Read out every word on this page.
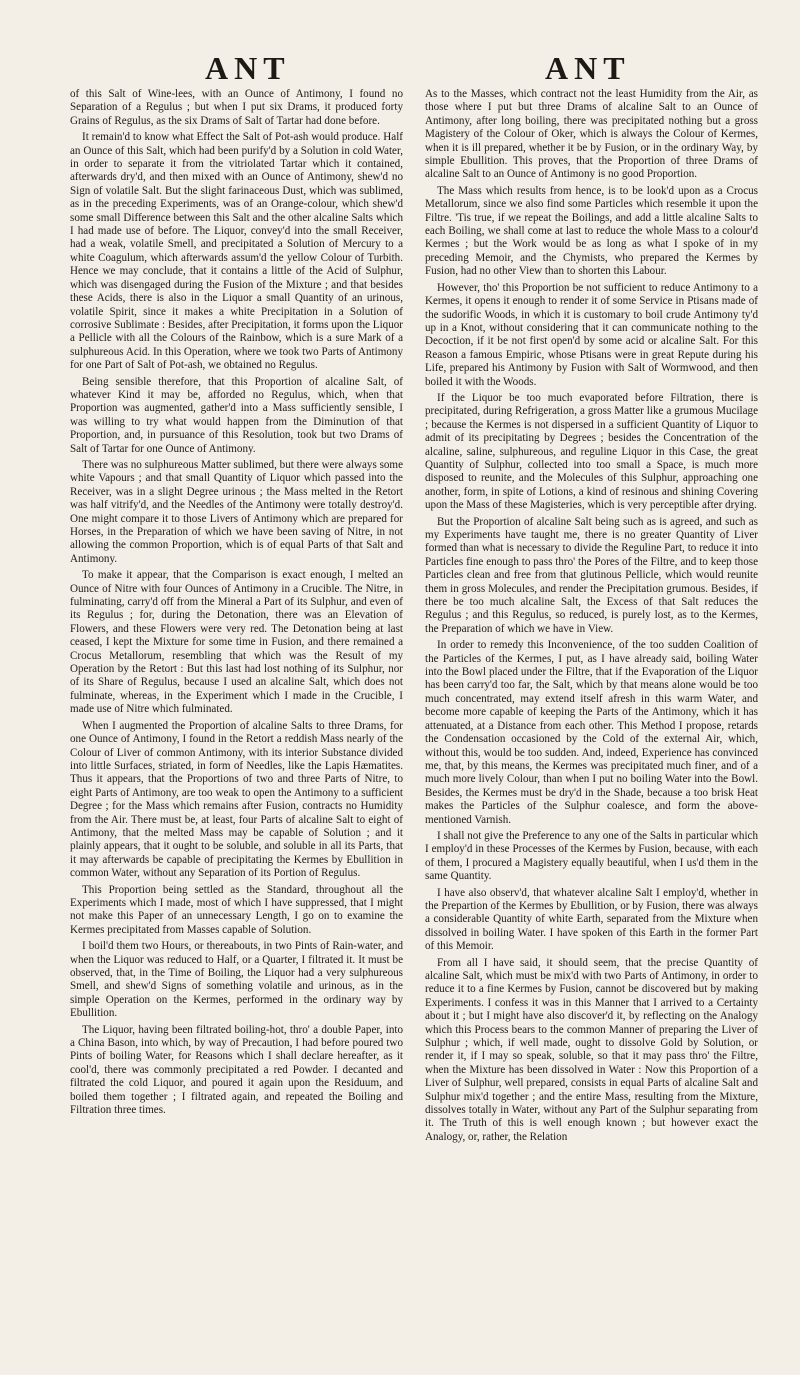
ANT	ANT

of this Salt of Wine-lees, with an Ounce of Antimony, I found no Separation of a Regulus ; but when I put six Drams, it produced forty Grains of Regulus, as the six Drams of Salt of Tartar had done before.

It remain'd to know what Effect the Salt of Pot-ash would produce. Half an Ounce of this Salt, which had been purify'd by a Solution in cold Water, in order to separate it from the vitriolated Tartar which it contained, afterwards dry'd, and then mixed with an Ounce of Antimony, shew'd no Sign of volatile Salt. But the slight farinaceous Dust, which was sublimed, as in the preceding Experiments, was of an Orange-colour, which shew'd some small Difference between this Salt and the other alcaline Salts which I had made use of before. The Liquor, convey'd into the small Receiver, had a weak, volatile Smell, and precipitated a Solution of Mercury to a white Coagulum, which afterwards assum'd the yellow Colour of Turbith. Hence we may conclude, that it contains a little of the Acid of Sulphur, which was disengaged during the Fusion of the Mixture ; and that besides these Acids, there is also in the Liquor a small Quantity of an urinous, volatile Spirit, since it makes a white Precipitation in a Solution of corrosive Sublimate : Besides, after Precipitation, it forms upon the Liquor a Pellicle with all the Colours of the Rainbow, which is a sure Mark of a sulphureous Acid. In this Operation, where we took two Parts of Antimony for one Part of Salt of Pot-ash, we obtained no Regulus.

Being sensible therefore, that this Proportion of alcaline Salt, of whatever Kind it may be, afforded no Regulus, which, when that Proportion was augmented, gather'd into a Mass sufficiently sensible, I was willing to try what would happen from the Diminution of that Proportion, and, in pursuance of this Resolution, took but two Drams of Salt of Tartar for one Ounce of Antimony.

There was no sulphureous Matter sublimed, but there were always some white Vapours ; and that small Quantity of Liquor which passed into the Receiver, was in a slight Degree urinous ; the Mass melted in the Retort was half vitrify'd, and the Needles of the Antimony were totally destroy'd. One might compare it to those Livers of Antimony which are prepared for Horses, in the Preparation of which we have been saving of Nitre, in not allowing the common Proportion, which is of equal Parts of that Salt and Antimony.

To make it appear, that the Comparison is exact enough, I melted an Ounce of Nitre with four Ounces of Antimony in a Crucible. The Nitre, in fulminating, carry'd off from the Mineral a Part of its Sulphur, and even of its Regulus ; for, during the Detonation, there was an Elevation of Flowers, and these Flowers were very red. The Detonation being at last ceased, I kept the Mixture for some time in Fusion, and there remained a Crocus Metallorum, resembling that which was the Result of my Operation by the Retort : But this last had lost nothing of its Sulphur, nor of its Share of Regulus, because I used an alcaline Salt, which does not fulminate, whereas, in the Experiment which I made in the Crucible, I made use of Nitre which fulminated.

When I augmented the Proportion of alcaline Salts to three Drams, for one Ounce of Antimony, I found in the Retort a reddish Mass nearly of the Colour of Liver of common Antimony, with its interior Substance divided into little Surfaces, striated, in form of Needles, like the Lapis Hæmatites. Thus it appears, that the Proportions of two and three Parts of Nitre, to eight Parts of Antimony, are too weak to open the Antimony to a sufficient Degree ; for the Mass which remains after Fusion, contracts no Humidity from the Air. There must be, at least, four Parts of alcaline Salt to eight of Antimony, that the melted Mass may be capable of Solution ; and it plainly appears, that it ought to be soluble, and soluble in all its Parts, that it may afterwards be capable of precipitating the Kermes by Ebullition in common Water, without any Separation of its Portion of Regulus.

This Proportion being settled as the Standard, throughout all the Experiments which I made, most of which I have suppressed, that I might not make this Paper of an unnecessary Length, I go on to examine the Kermes precipitated from Masses capable of Solution.

I boil'd them two Hours, or thereabouts, in two Pints of Rain-water, and when the Liquor was reduced to Half, or a Quarter, I filtrated it. It must be observed, that, in the Time of Boiling, the Liquor had a very sulphureous Smell, and shew'd Signs of something volatile and urinous, as in the simple Operation on the Kermes, performed in the ordinary way by Ebullition.

The Liquor, having been filtrated boiling-hot, thro' a double Paper, into a China Bason, into which, by way of Precaution, I had before poured two Pints of boiling Water, for Reasons which I shall declare hereafter, as it cool'd, there was commonly precipitated a red Powder. I decanted and filtrated the cold Liquor, and poured it again upon the Residuum, and boiled them together ; I filtrated again, and repeated the Boiling and Filtration three times.

As to the Masses, which contract not the least Humidity from the Air, as those where I put but three Drams of alcaline Salt to an Ounce of Antimony, after long boiling, there was precipitated nothing but a gross Magistery of the Colour of Oker, which is always the Colour of Kermes, when it is ill prepared, whether it be by Fusion, or in the ordinary Way, by simple Ebullition. This proves, that the Proportion of three Drams of alcaline Salt to an Ounce of Antimony is no good Proportion.

The Mass which results from hence, is to be look'd upon as a Crocus Metallorum, since we also find some Particles which resemble it upon the Filtre. 'Tis true, if we repeat the Boilings, and add a little alcaline Salts to each Boiling, we shall come at last to reduce the whole Mass to a colour'd Kermes ; but the Work would be as long as what I spoke of in my preceding Memoir, and the Chymists, who prepared the Kermes by Fusion, had no other View than to shorten this Labour.

However, tho' this Proportion be not sufficient to reduce Antimony to a Kermes, it opens it enough to render it of some Service in Ptisans made of the sudorific Woods, in which it is customary to boil crude Antimony ty'd up in a Knot, without considering that it can communicate nothing to the Decoction, if it be not first open'd by some acid or alcaline Salt. For this Reason a famous Empiric, whose Ptisans were in great Repute during his Life, prepared his Antimony by Fusion with Salt of Wormwood, and then boiled it with the Woods.

If the Liquor be too much evaporated before Filtration, there is precipitated, during Refrigeration, a gross Matter like a grumous Mucilage ; because the Kermes is not dispersed in a sufficient Quantity of Liquor to admit of its precipitating by Degrees ; besides the Concentration of the alcaline, saline, sulphureous, and reguline Liquor in this Case, the great Quantity of Sulphur, collected into too small a Space, is much more disposed to reunite, and the Molecules of this Sulphur, approaching one another, form, in spite of Lotions, a kind of resinous and shining Covering upon the Mass of these Magisteries, which is very perceptible after drying.

But the Proportion of alcaline Salt being such as is agreed, and such as my Experiments have taught me, there is no greater Quantity of Liver formed than what is necessary to divide the Reguline Part, to reduce it into Particles fine enough to pass thro' the Pores of the Filtre, and to keep those Particles clean and free from that glutinous Pellicle, which would reunite them in gross Molecules, and render the Precipitation grumous. Besides, if there be too much alcaline Salt, the Excess of that Salt reduces the Regulus ; and this Regulus, so reduced, is purely lost, as to the Kermes, the Preparation of which we have in View.

In order to remedy this Inconvenience, of the too sudden Coalition of the Particles of the Kermes, I put, as I have already said, boiling Water into the Bowl placed under the Filtre, that if the Evaporation of the Liquor has been carry'd too far, the Salt, which by that means alone would be too much concentrated, may extend itself afresh in this warm Water, and become more capable of keeping the Parts of the Antimony, which it has attenuated, at a Distance from each other. This Method I propose, retards the Condensation occasioned by the Cold of the external Air, which, without this, would be too sudden. And, indeed, Experience has convinced me, that, by this means, the Kermes was precipitated much finer, and of a much more lively Colour, than when I put no boiling Water into the Bowl. Besides, the Kermes must be dry'd in the Shade, because a too brisk Heat makes the Particles of the Sulphur coalesce, and form the above-mentioned Varnish.

I shall not give the Preference to any one of the Salts in particular which I employ'd in these Processes of the Kermes by Fusion, because, with each of them, I procured a Magistery equally beautiful, when I us'd them in the same Quantity.

I have also observ'd, that whatever alcaline Salt I employ'd, whether in the Prepartion of the Kermes by Ebullition, or by Fusion, there was always a considerable Quantity of white Earth, separated from the Mixture when dissolved in boiling Water. I have spoken of this Earth in the former Part of this Memoir.

From all I have said, it should seem, that the precise Quantity of alcaline Salt, which must be mix'd with two Parts of Antimony, in order to reduce it to a fine Kermes by Fusion, cannot be discovered but by making Experiments. I confess it was in this Manner that I arrived to a Certainty about it ; but I might have also discover'd it, by reflecting on the Analogy which this Process bears to the common Manner of preparing the Liver of Sulphur ; which, if well made, ought to dissolve Gold by Solution, or render it, if I may so speak, soluble, so that it may pass thro' the Filtre, when the Mixture has been dissolved in Water : Now this Proportion of a Liver of Sulphur, well prepared, consists in equal Parts of alcaline Salt and Sulphur mix'd together ; and the entire Mass, resulting from the Mixture, dissolves totally in Water, without any Part of the Sulphur separating from it. The Truth of this is well enough known ; but however exact the Analogy, or, rather, the Relation
